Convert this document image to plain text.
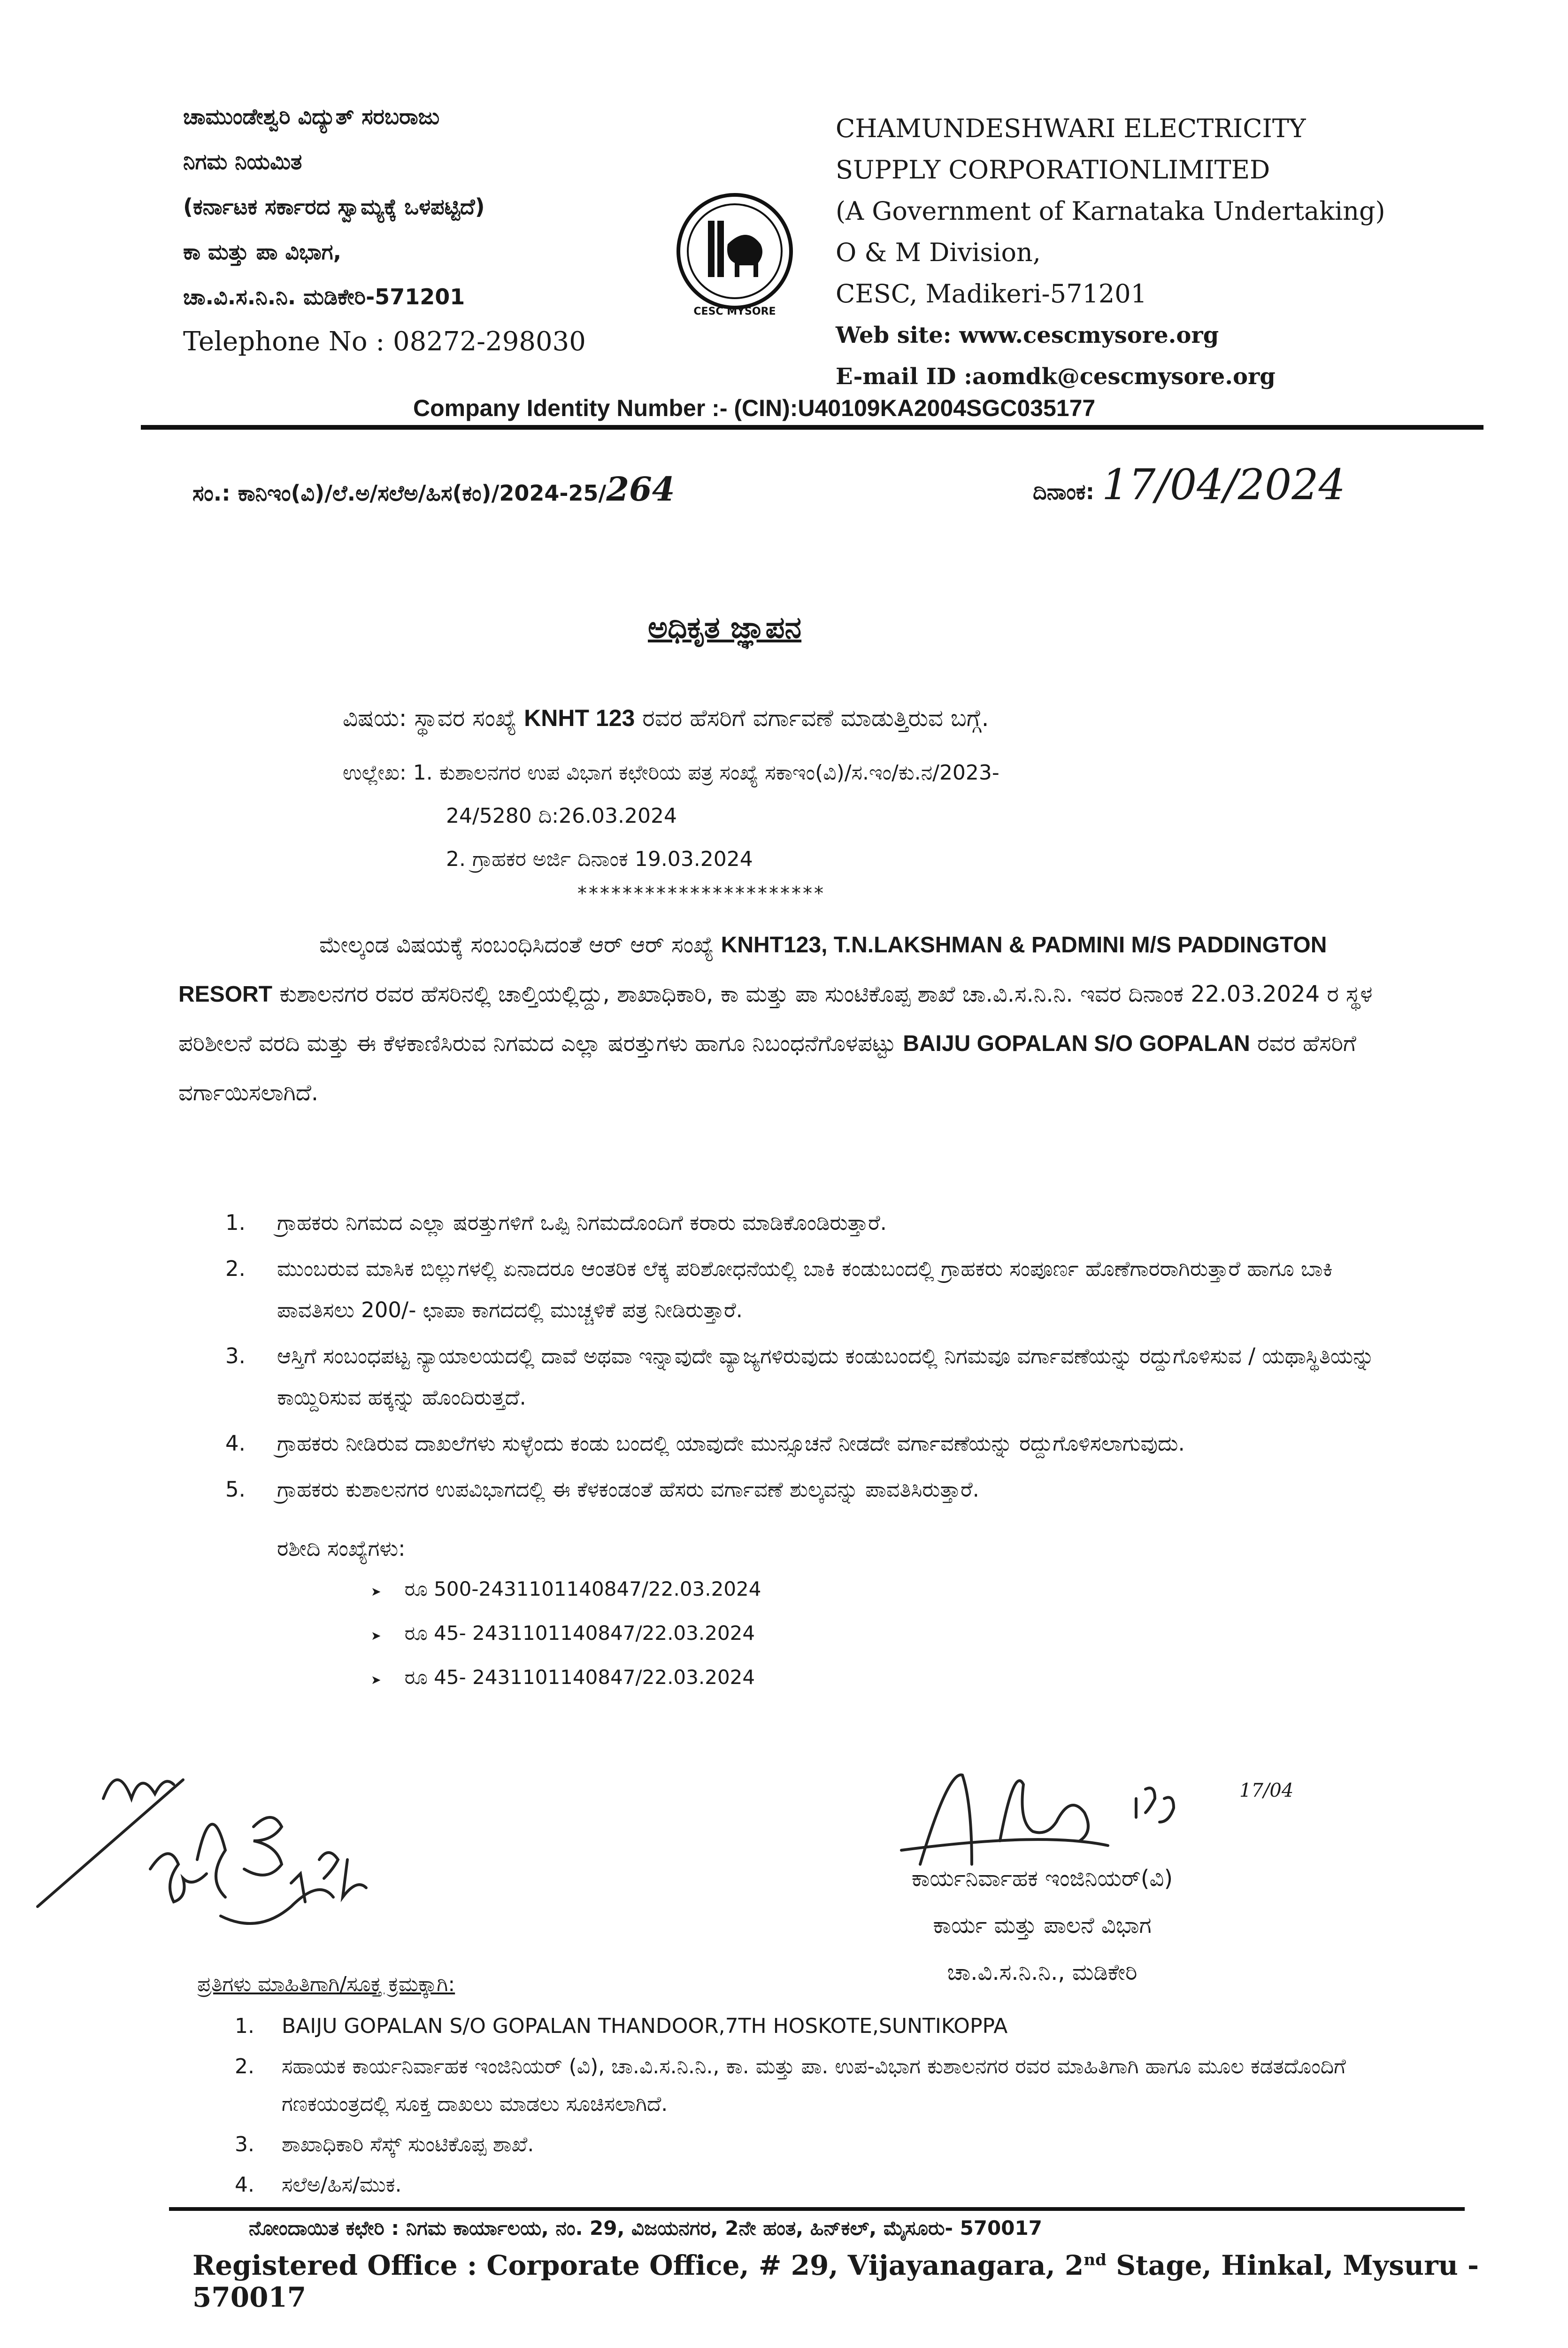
ಚಾಮುಂಡೇಶ್ವರಿ ವಿದ್ಯುತ್ ಸರಬರಾಜು
ನಿಗಮ ನಿಯಮಿತ
(ಕರ್ನಾಟಕ ಸರ್ಕಾರದ ಸ್ವಾಮ್ಯಕ್ಕೆ ಒಳಪಟ್ಟಿದೆ)
ಕಾ ಮತ್ತು ಪಾ ವಿಭಾಗ,
ಚಾ.ವಿ.ಸ.ನಿ.ನಿ. ಮಡಿಕೇರಿ-571201
Telephone No : 08272-298030
CESC MYSORE
CHAMUNDESHWARI ELECTRICITY
SUPPLY CORPORATIONLIMITED
(A Government of Karnataka Undertaking)
O & M Division,
CESC, Madikeri-571201
Web site: www.cescmysore.org
E-mail ID :aomdk@cescmysore.org
Company Identity Number :- (CIN):U40109KA2004SGC035177
ಸಂ.: ಕಾನಿಇಂ(ವಿ)/ಲೆ.ಅ/ಸಲೆಅ/ಹಿಸ(ಕಂ)/2024-25/264	ದಿನಾಂಕ: 17/04/2024
ಅಧಿಕೃತ ಜ್ಞಾಪನ
ವಿಷಯ: ಸ್ಥಾವರ ಸಂಖ್ಯೆ KNHT 123 ರವರ ಹೆಸರಿಗೆ ವರ್ಗಾವಣೆ ಮಾಡುತ್ತಿರುವ ಬಗ್ಗೆ.
ಉಲ್ಲೇಖ: 1. ಕುಶಾಲನಗರ ಉಪ ವಿಭಾಗ ಕಛೇರಿಯ ಪತ್ರ ಸಂಖ್ಯೆ ಸಕಾಇಂ(ವಿ)/ಸ.ಇಂ/ಕು.ನ/2023-
24/5280 ದಿ:26.03.2024
2. ಗ್ರಾಹಕರ ಅರ್ಜಿ ದಿನಾಂಕ 19.03.2024
**********************
ಮೇಲ್ಕಂಡ ವಿಷಯಕ್ಕೆ ಸಂಬಂಧಿಸಿದಂತೆ ಆರ್ ಆರ್ ಸಂಖ್ಯೆ KNHT123, T.N.LAKSHMAN & PADMINI M/S PADDINGTON RESORT ಕುಶಾಲನಗರ ರವರ ಹೆಸರಿನಲ್ಲಿ ಚಾಲ್ತಿಯಲ್ಲಿದ್ದು, ಶಾಖಾಧಿಕಾರಿ, ಕಾ ಮತ್ತು ಪಾ ಸುಂಟಿಕೊಪ್ಪ ಶಾಖೆ ಚಾ.ವಿ.ಸ.ನಿ.ನಿ. ಇವರ ದಿನಾಂಕ 22.03.2024 ರ ಸ್ಥಳ ಪರಿಶೀಲನೆ ವರದಿ ಮತ್ತು ಈ ಕೆಳಕಾಣಿಸಿರುವ ನಿಗಮದ ಎಲ್ಲಾ ಷರತ್ತುಗಳು ಹಾಗೂ ನಿಬಂಧನೆಗೊಳಪಟ್ಟು BAIJU GOPALAN S/O GOPALAN ರವರ ಹೆಸರಿಗೆ ವರ್ಗಾಯಿಸಲಾಗಿದೆ.
1. ಗ್ರಾಹಕರು ನಿಗಮದ ಎಲ್ಲಾ ಷರತ್ತುಗಳಿಗೆ ಒಪ್ಪಿ ನಿಗಮದೊಂದಿಗೆ ಕರಾರು ಮಾಡಿಕೊಂಡಿರುತ್ತಾರೆ.
2. ಮುಂಬರುವ ಮಾಸಿಕ ಬಿಲ್ಲುಗಳಲ್ಲಿ ಏನಾದರೂ ಆಂತರಿಕ ಲೆಕ್ಕ ಪರಿಶೋಧನೆಯಲ್ಲಿ ಬಾಕಿ ಕಂಡುಬಂದಲ್ಲಿ ಗ್ರಾಹಕರು ಸಂಪೂರ್ಣ ಹೊಣೆಗಾರರಾಗಿರುತ್ತಾರೆ ಹಾಗೂ ಬಾಕಿ ಪಾವತಿಸಲು 200/- ಛಾಪಾ ಕಾಗದದಲ್ಲಿ ಮುಚ್ಚಳಿಕೆ ಪತ್ರ ನೀಡಿರುತ್ತಾರೆ.
3. ಆಸ್ತಿಗೆ ಸಂಬಂಧಪಟ್ಟ ನ್ಯಾಯಾಲಯದಲ್ಲಿ ದಾವೆ ಅಥವಾ ಇನ್ನಾವುದೇ ವ್ಯಾಜ್ಯಗಳಿರುವುದು ಕಂಡುಬಂದಲ್ಲಿ ನಿಗಮವೂ ವರ್ಗಾವಣೆಯನ್ನು ರದ್ದುಗೊಳಿಸುವ / ಯಥಾಸ್ಥಿತಿಯನ್ನು ಕಾಯ್ದಿರಿಸುವ ಹಕ್ಕನ್ನು ಹೊಂದಿರುತ್ತದೆ.
4. ಗ್ರಾಹಕರು ನೀಡಿರುವ ದಾಖಲೆಗಳು ಸುಳ್ಳೆಂದು ಕಂಡು ಬಂದಲ್ಲಿ ಯಾವುದೇ ಮುನ್ಸೂಚನೆ ನೀಡದೇ ವರ್ಗಾವಣೆಯನ್ನು ರದ್ದುಗೊಳಿಸಲಾಗುವುದು.
5. ಗ್ರಾಹಕರು ಕುಶಾಲನಗರ ಉಪವಿಭಾಗದಲ್ಲಿ ಈ ಕೆಳಕಂಡಂತೆ ಹೆಸರು ವರ್ಗಾವಣೆ ಶುಲ್ಕವನ್ನು ಪಾವತಿಸಿರುತ್ತಾರೆ.
ರಶೀದಿ ಸಂಖ್ಯೆಗಳು:
➤ ರೂ 500-2431101140847/22.03.2024
➤ ರೂ 45- 2431101140847/22.03.2024
➤ ರೂ 45- 2431101140847/22.03.2024
17/04
ಕಾರ್ಯನಿರ್ವಾಹಕ ಇಂಜಿನಿಯರ್(ವಿ)
ಕಾರ್ಯ ಮತ್ತು ಪಾಲನೆ ವಿಭಾಗ
ಚಾ.ವಿ.ಸ.ನಿ.ನಿ., ಮಡಿಕೇರಿ
ಪ್ರತಿಗಳು ಮಾಹಿತಿಗಾಗಿ/ಸೂಕ್ತ ಕ್ರಮಕ್ಕಾಗಿ:
1. BAIJU GOPALAN S/O GOPALAN THANDOOR,7TH HOSKOTE,SUNTIKOPPA
2. ಸಹಾಯಕ ಕಾರ್ಯನಿರ್ವಾಹಕ ಇಂಜಿನಿಯರ್ (ವಿ), ಚಾ.ವಿ.ಸ.ನಿ.ನಿ., ಕಾ. ಮತ್ತು ಪಾ. ಉಪ-ವಿಭಾಗ ಕುಶಾಲನಗರ ರವರ ಮಾಹಿತಿಗಾಗಿ ಹಾಗೂ ಮೂಲ ಕಡತದೊಂದಿಗೆ ಗಣಕಯಂತ್ರದಲ್ಲಿ ಸೂಕ್ತ ದಾಖಲು ಮಾಡಲು ಸೂಚಿಸಲಾಗಿದೆ.
3. ಶಾಖಾಧಿಕಾರಿ ಸೆಸ್ಕ್ ಸುಂಟಿಕೊಪ್ಪ ಶಾಖೆ.
4. ಸಲೆಅ/ಹಿಸ/ಮುಕ.
ನೋಂದಾಯಿತ ಕಛೇರಿ : ನಿಗಮ ಕಾರ್ಯಾಲಯ, ನಂ. 29, ವಿಜಯನಗರ, 2ನೇ ಹಂತ, ಹಿನ್‌ಕಲ್, ಮೈಸೂರು- 570017
Registered Office : Corporate Office, # 29, Vijayanagara, 2nd Stage, Hinkal, Mysuru - 570017
